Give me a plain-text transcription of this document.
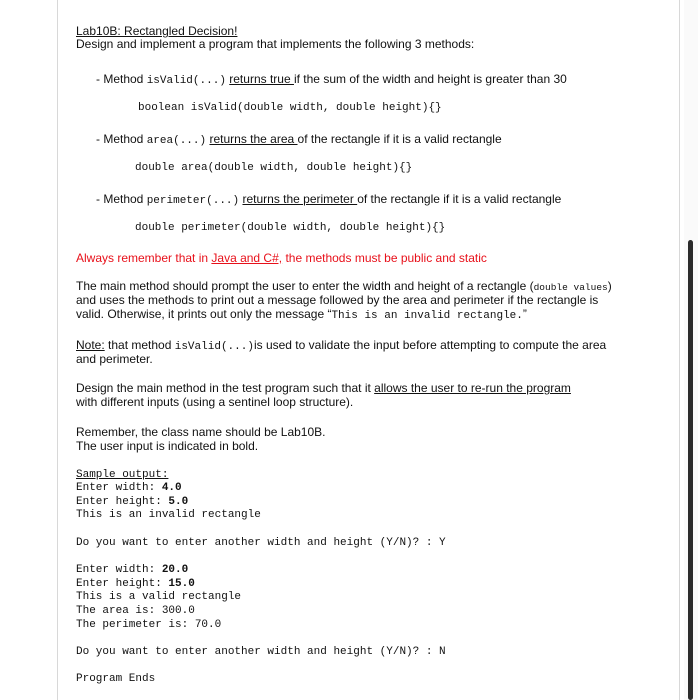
Lab10B: Rectangled Decision!
Design and implement a program that implements the following 3 methods:
- Method isValid(...) returns true if the sum of the width and height is greater than 30
boolean isValid(double width, double height){}
- Method area(...) returns the area of the rectangle if it is a valid rectangle
double area(double width, double height){}
- Method perimeter(...) returns the perimeter of the rectangle if it is a valid rectangle
double perimeter(double width, double height){}
Always remember that in Java and C#, the methods must be public and static
The main method should prompt the user to enter the width and height of a rectangle (double values)
and uses the methods to print out a message followed by the area and perimeter if the rectangle is
valid. Otherwise, it prints out only the message “This is an invalid rectangle.”
Note: that method isValid(...)is used to validate the input before attempting to compute the area
and perimeter.
Design the main method in the test program such that it allows the user to re-run the program
with different inputs (using a sentinel loop structure).
Remember, the class name should be Lab10B.
The user input is indicated in bold.
Sample output:
Enter width: 4.0
Enter height: 5.0
This is an invalid rectangle
Do you want to enter another width and height (Y/N)? : Y
Enter width: 20.0
Enter height: 15.0
This is a valid rectangle
The area is: 300.0
The perimeter is: 70.0
Do you want to enter another width and height (Y/N)? : N
Program Ends
